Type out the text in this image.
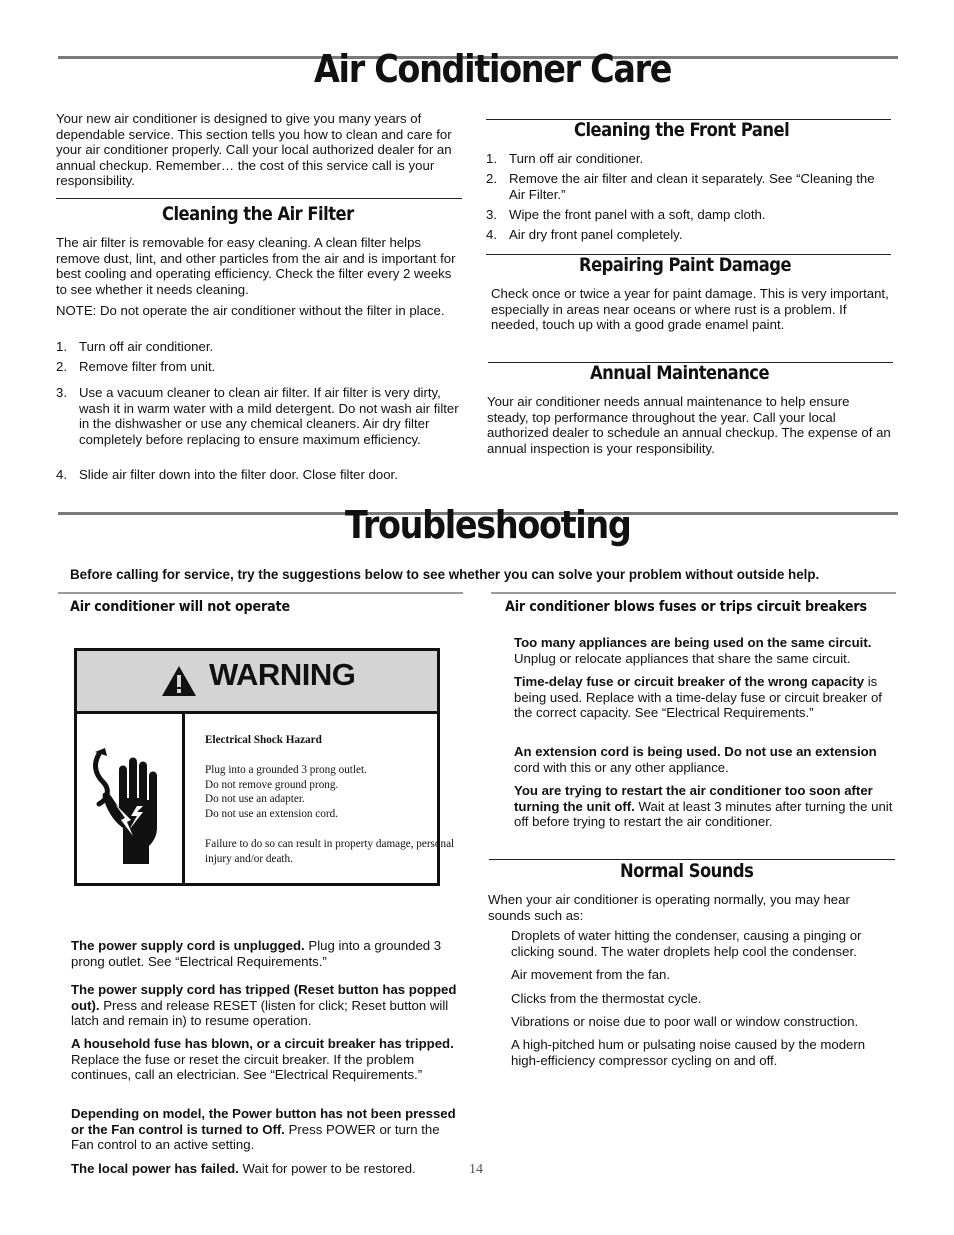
Air Conditioner Care

Your new air conditioner is designed to give you many years of dependable service. This section tells you how to clean and care for your air conditioner properly. Call your local authorized dealer for an annual checkup. Remember… the cost of this service call is your responsibility.

Cleaning the Air Filter

The air filter is removable for easy cleaning. A clean filter helps remove dust, lint, and other particles from the air and is important for best cooling and operating efficiency. Check the filter every 2 weeks to see whether it needs cleaning.

NOTE: Do not operate the air conditioner without the filter in place.

1. Turn off air conditioner.
2. Remove filter from unit.
3. Use a vacuum cleaner to clean air filter. If air filter is very dirty, wash it in warm water with a mild detergent. Do not wash air filter in the dishwasher or use any chemical cleaners. Air dry filter completely before replacing to ensure maximum efficiency.
4. Slide air filter down into the filter door. Close filter door.
Cleaning the Front Panel
1. Turn off air conditioner.
2. Remove the air filter and clean it separately. See “Cleaning the Air Filter.”
3. Wipe the front panel with a soft, damp cloth.
4. Air dry front panel completely.
Repairing Paint Damage

Check once or twice a year for paint damage. This is very important, especially in areas near oceans or where rust is a problem. If needed, touch up with a good grade enamel paint.

Annual Maintenance

Your air conditioner needs annual maintenance to help ensure steady, top performance throughout the year. Call your local authorized dealer to schedule an annual checkup. The expense of an annual inspection is your responsibility.

Troubleshooting
Before calling for service, try the suggestions below to see whether you can solve your problem without outside help.
Air conditioner will not operate	Air conditioner blows fuses or trips circuit breakers
WARNING
Electrical Shock Hazard
Plug into a grounded 3 prong outlet.
Do not remove ground prong.
Do not use an adapter.
Do not use an extension cord.
Failure to do so can result in property damage, personal
injury and/or death.

The power supply cord is unplugged. Plug into a grounded 3 prong outlet. See “Electrical Requirements.”

The power supply cord has tripped (Reset button has popped out). Press and release RESET (listen for click; Reset button will latch and remain in) to resume operation.

A household fuse has blown, or a circuit breaker has tripped. Replace the fuse or reset the circuit breaker. If the problem continues, call an electrician. See “Electrical Requirements.”

Depending on model, the Power button has not been pressed or the Fan control is turned to Off. Press POWER or turn the Fan control to an active setting.

The local power has failed. Wait for power to be restored.

Too many appliances are being used on the same circuit. Unplug or relocate appliances that share the same circuit.

Time-delay fuse or circuit breaker of the wrong capacity is being used. Replace with a time-delay fuse or circuit breaker of the correct capacity. See “Electrical Requirements.”

An extension cord is being used. Do not use an extension cord with this or any other appliance.

You are trying to restart the air conditioner too soon after turning the unit off. Wait at least 3 minutes after turning the unit off before trying to restart the air conditioner.

Normal Sounds

When your air conditioner is operating normally, you may hear sounds such as:

Droplets of water hitting the condenser, causing a pinging or clicking sound. The water droplets help cool the condenser.

Air movement from the fan.

Clicks from the thermostat cycle.

Vibrations or noise due to poor wall or window construction.

A high-pitched hum or pulsating noise caused by the modern high-efficiency compressor cycling on and off.

14
